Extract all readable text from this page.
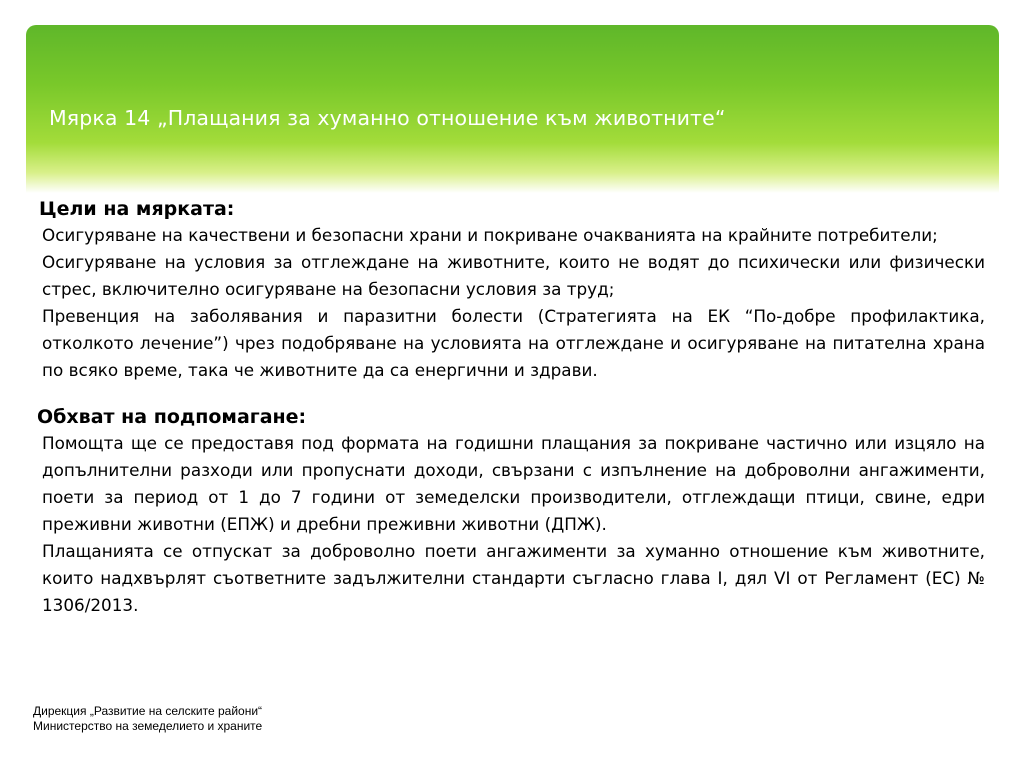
Мярка 14 „Плащания за хуманно отношение към животните“
Цели на мярката:

Осигуряване на качествени и безопасни храни и покриване очакванията на крайните потребители;

Осигуряване на условия за отглеждане на животните, които не водят до психически или физически стрес, включително осигуряване на безопасни условия за труд;

Превенция на заболявания и паразитни болести (Стратегията на ЕК “По-добре профилактика, отколкото лечение”) чрез подобряване на условията на отглеждане и осигуряване на питателна храна по всяко време, така че животните да са енергични и здрави.

Обхват на подпомагане:

Помощта ще се предоставя под формата на годишни плащания за покриване частично или изцяло на допълнителни разходи или пропуснати доходи, свързани с изпълнение на доброволни ангажименти, поети за период от 1 до 7 години от земеделски производители, отглеждащи птици, свине, едри преживни животни (ЕПЖ) и дребни преживни животни (ДПЖ).

Плащанията се отпускат за доброволно поети ангажименти за хуманно отношение към животните, които надхвърлят съответните задължителни стандарти съгласно глава I, дял VI от Регламент (ЕС) № 1306/2013.

Дирекция „Развитие на селските райони“
Министерство на земеделието и храните
